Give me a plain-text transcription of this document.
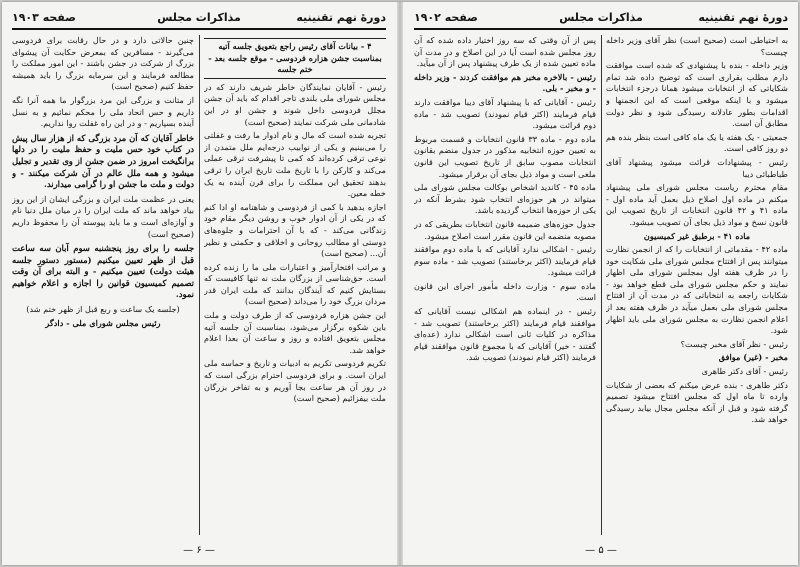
دورهٔ نهم تقنینیه
مذاکرات مجلس
صفحه ۱۹۰۳
۴ - بیانات آقای رئیس راجع بتعویق جلسه آتیه بمناسبت جشن هزاره فردوسی - موقع جلسه بعد - ختم جلسه

رئیس - آقایان نمایندگان خاطر شریف دارند که در مجلس شورای ملی بلندی تاجر اقدام که باید آن جشن مجلل فردوسی داخل شوند و جشن او در این شادمانی ملی شرکت نمایند (صحیح است)

تجربه شده است که مال و نام ادوار ما رفت و غفلتی را می‌بینیم و یکی از نوابیب درجه‌ایم ملل متمدن از نوعی ترقی کرده‌اند که کمی تا پیشرفت ترقی عملی می‌کند و کارکن را با تاریخ ملت تاریخ ایران را ترقی بدهند تحقیق این مملکت را برای قرن آینده به یک خطه معین.

اجازه بدهید با کمی از فردوسی و شاهنامه او ادا کنم که در یکی از آن ادوار خوب و روشن دیگر مقام خود زندگانی می‌کند - که با آن احترامات و جلوه‌های دوستی او مطالب روحانی و اخلاقی و حکمتی و نظیر آن... (صحیح است)

و مراتب افتخارآمیز و اعتبارات ملی ما را زنده کرده است. حق‌شناسی از بزرگان ملت نه تنها کافیست که بستایش کنیم که آیندگان بدانند که ملت ایران قدر مردان بزرگ خود را می‌داند (صحیح است)

این جشن هزاره فردوسی که از طرف دولت و ملت باین شکوه برگزار می‌شود، بمناسبت آن جلسه آتیه مجلس بتعویق افتاده و روز و ساعت آن بعدا اعلام خواهد شد.

تکریم فردوسی تکریم به ادبیات و تاریخ و حماسه ملی ایران است. و برای فردوسی احترام بزرگی است که در روز آن هر ساعت بجا آوریم و به تفاخر بزرگان ملت بیفزائیم (صحیح است)

چنین حالاتی دارد و در حال رقابت برای فردوسی می‌گیرند - مسافرین که بمعرض حکایت آن پیشوای بزرگ از شرکت در جشن باشند - این امور مملکت را مطالعه فرمایند و این سرمایه بزرگ را باید همیشه حفظ کنیم (صحیح است)

از متانت و بزرگی این مرد بزرگوار ما همه آنرا نگه داریم و حس اتحاد ملی را محکم نمائیم و به نسل آینده بسپاریم - و در این راه غفلت روا نداریم.

خاطر آقایان که آن مرد بزرگی که از هزار سال پیش در کتاب خود حس ملیت و حفظ ملیت را در دلها برانگیخت امروز در ضمن جشن از وی تقدیر و تجلیل میشود و همه ملل عالم در آن شرکت میکنند - و دولت و ملت ما جشن او را گرامی میدارند.

یعنی در عظمت ملت ایران و بزرگی ایشان از این روز بیاد خواهد ماند که ملت ایران را در میان ملل دنیا نام و آوازه‌ای است و ما باید پیوسته آن را محفوظ داریم (صحیح است)

جلسه را برای روز پنجشنبه سوم آبان سه ساعت قبل از ظهر تعیین میکنیم (مستور دستور جلسه هیئت دولت) تعیین میکنیم - و البته برای آن وقت تصمیم کمیسیون قوانین را اجازه و اعلام خواهیم نمود.

(جلسه یک ساعت و ربع قبل از ظهر ختم شد)

رئیس مجلس شورای ملی - دادگر

— ۶ —
دورهٔ نهم تقنینیه
مذاکرات مجلس
صفحه ۱۹۰۲

به احتیاطی است (صحیح است) نظر آقای وزیر داخله چیست؟

وزیر داخله - بنده با پیشنهادی که شده است موافقت دارم مطلب بقراری است که توضیح داده شد تمام شکایاتی که از انتخابات میشود همانا درجزء انتخابات میشود و با اینکه موقعی است که این انجمنها و اقدامات بطور عادلانه رسیدگی شود و نظر دولت مطابق آن است.

جمعیتی - یک هفته یا یک ماه کافی است بنظر بنده هم دو روز کافی است.

رئیس - پیشنهادات قرائت میشود پیشنهاد آقای طباطبائی دیبا

مقام محترم ریاست مجلس شورای ملی پیشنهاد میکنم در ماده اول اصلاح ذیل بعمل آید ماده اول - ماده ۴۱ و ۴۲ قانون انتخابات از تاریخ تصویب این قانون نسخ و مواد ذیل بجای آن تصویب میشود.

ماده ۴۱ - برطبق غیر کمیسیون

ماده ۴۲ - مقدماتی از انتخابات را که از انجمن نظارت میتوانند پس از افتتاح مجلس شورای ملی شکایت خود را در ظرف هفته اول بمجلس شورای ملی اظهار نمایند و حکم مجلس شورای ملی قطع خواهد بود - شکایات راجعه به انتخاباتی که در مدت آن از افتتاح مجلس شورای ملی بعمل میآید در ظرف هفته بعد از اعلام انجمن نظارت به مجلس شورای ملی باید اظهار شود.

رئیس - نظر آقای مخبر چیست؟

مخبر - (غیر) موافق

رئیس - آقای دکتر طاهری

دکتر طاهری - بنده عرض میکنم که بعضی از شکایات وارده تا ماه اول که مجلس افتتاح میشود تصمیم گرفته شود و قبل از آنکه مجلس مجال بیابد رسیدگی خواهد شد.

پس از آن وقتی که سه روز اختیار داده شده که آن روز مجلس شده است آیا در این اصلاح و در مدت آن ماده تعیین شده از یک طرف پیشنهاد پس از آن میآید.

رئیس - بالاخره مخبر هم موافقت کردند - وزیر داخله - و مخبر - بلی.

رئیس - آقایانی که با پیشنهاد آقای دیبا موافقت دارند قیام فرمایند (اکثر قیام نمودند) تصویب شد - ماده دوم قرائت میشود.

ماده دوم - ماده ۳۳ قانون انتخابات و قسمت مربوط به تعیین حوزه انتخابیه مذکور در جدول منضم بقانون انتخابات مصوب سابق از تاریخ تصویب این قانون ملغی است و مواد ذیل بجای آن برقرار میشود.

ماده ۴۵ - کاندید اشخاص بوکالت مجلس شورای ملی میتواند در هر حوزه‌ای انتخاب شود بشرط آنکه در یکی از حوزه‌ها انتخاب گردیده باشد.

جدول حوزه‌های ضمیمه قانون انتخابات بطریقی که در مصوبه منضمه این قانون مقرر است اصلاح میشود.

رئیس - اشکالی ندارد آقایانی که با ماده دوم موافقند قیام فرمایند (اکثر برخاستند) تصویب شد - ماده سوم قرائت میشود.

ماده سوم - وزارت داخله مأمور اجرای این قانون است.

رئیس - در اینماده هم اشکالی نیست آقایانی که موافقند قیام فرمایند (اکثر برخاستند) تصویب شد - مذاکره در کلیات ثانی است اشکالی ندارد (عده‌ای گفتند - خیر) آقایانی که با مجموع قانون موافقند قیام فرمایند (اکثر قیام نمودند) تصویب شد.

— ۵ —
